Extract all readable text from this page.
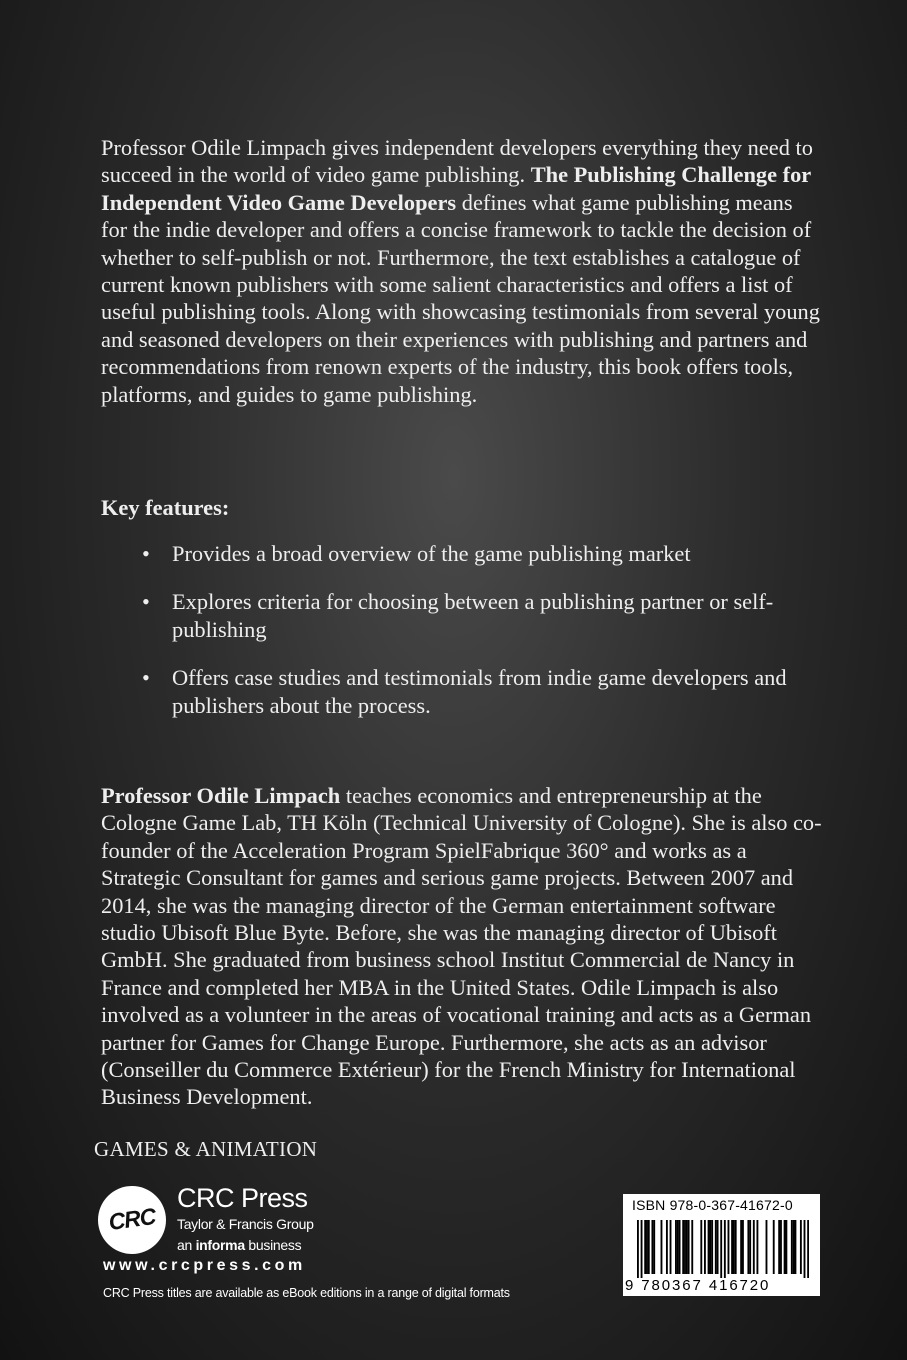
Professor Odile Limpach gives independent developers everything they need to succeed in the world of video game publishing. The Publishing Challenge for Independent Video Game Developers defines what game publishing means for the indie developer and offers a concise framework to tackle the decision of whether to self-publish or not. Furthermore, the text establishes a catalogue of current known publishers with some salient characteristics and offers a list of useful publishing tools. Along with showcasing testimonials from several young and seasoned developers on their experiences with publishing and partners and recommendations from renown experts of the industry, this book offers tools, platforms, and guides to game publishing.

Key features:

• Provides a broad overview of the game publishing market
• Explores criteria for choosing between a publishing partner or self-publishing
• Offers case studies and testimonials from indie game developers and publishers about the process.

Professor Odile Limpach teaches economics and entrepreneurship at the Cologne Game Lab, TH Köln (Technical University of Cologne). She is also co-founder of the Acceleration Program SpielFabrique 360° and works as a Strategic Consultant for games and serious game projects. Between 2007 and 2014, she was the managing director of the German entertainment software studio Ubisoft Blue Byte. Before, she was the managing director of Ubisoft GmbH. She graduated from business school Institut Commercial de Nancy in France and completed her MBA in the United States. Odile Limpach is also involved as a volunteer in the areas of vocational training and acts as a German partner for Games for Change Europe. Furthermore, she acts as an advisor (Conseiller du Commerce Extérieur) for the French Ministry for International Business Development.

GAMES & ANIMATION

CRC

CRC Press

Taylor & Francis Group

an informa business

www.crcpress.com

CRC Press titles are available as eBook editions in a range of digital formats

ISBN 978-0-367-41672-0

9 780367 416720
